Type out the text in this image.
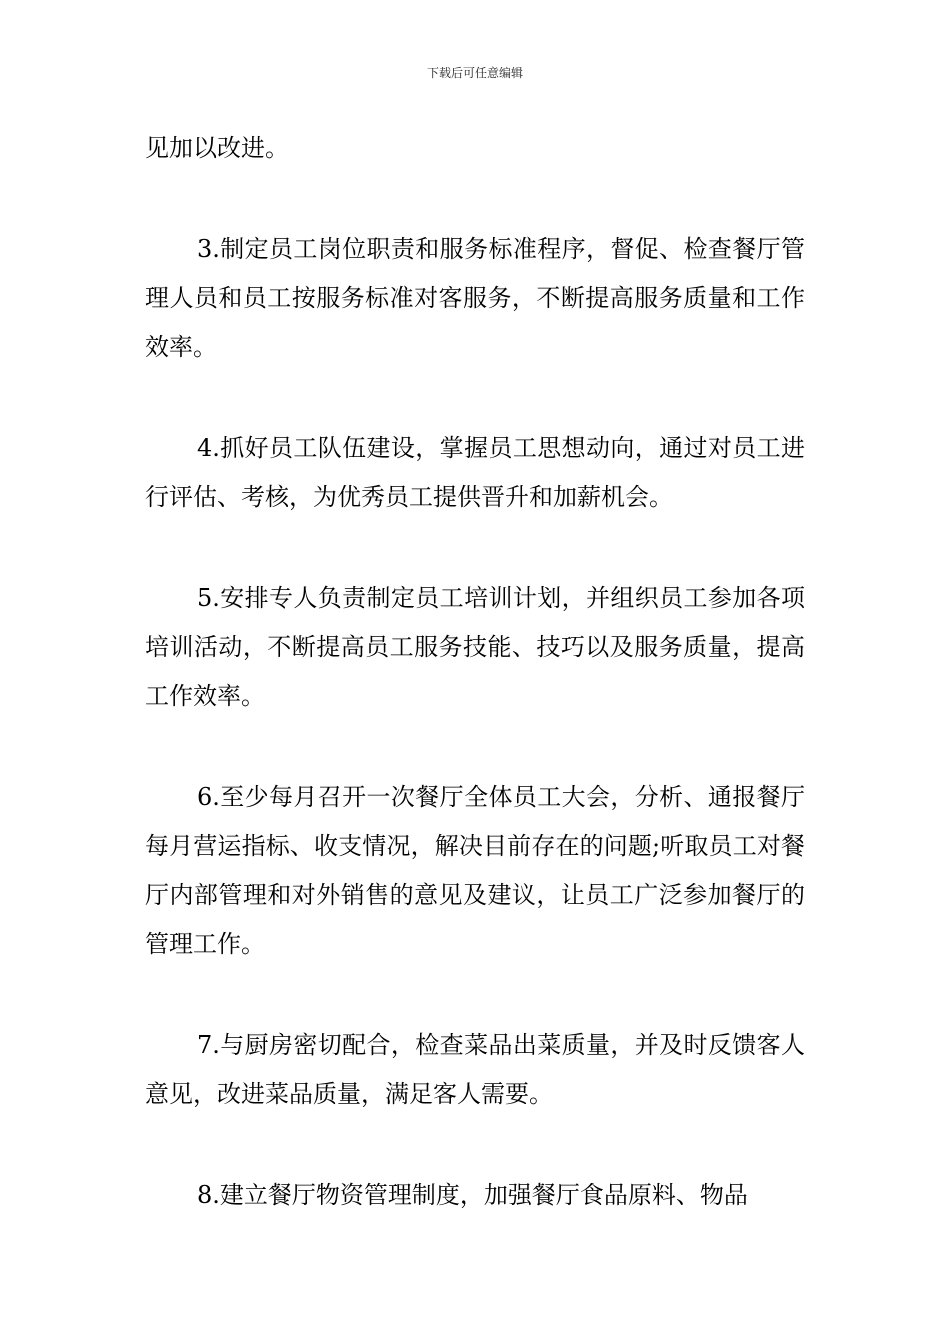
下载后可任意编辑

见加以改进。

3.制定员工岗位职责和服务标准程序，督促、检查餐厅管理人员和员工按服务标准对客服务，不断提高服务质量和工作效率。

4.抓好员工队伍建设，掌握员工思想动向，通过对员工进行评估、考核，为优秀员工提供晋升和加薪机会。

5.安排专人负责制定员工培训计划，并组织员工参加各项培训活动，不断提高员工服务技能、技巧以及服务质量，提高工作效率。

6.至少每月召开一次餐厅全体员工大会，分析、通报餐厅每月营运指标、收支情况，解决目前存在的问题;听取员工对餐厅内部管理和对外销售的意见及建议，让员工广泛参加餐厅的管理工作。

7.与厨房密切配合，检查菜品出菜质量，并及时反馈客人意见，改进菜品质量，满足客人需要。

8.建立餐厅物资管理制度，加强餐厅食品原料、物品
